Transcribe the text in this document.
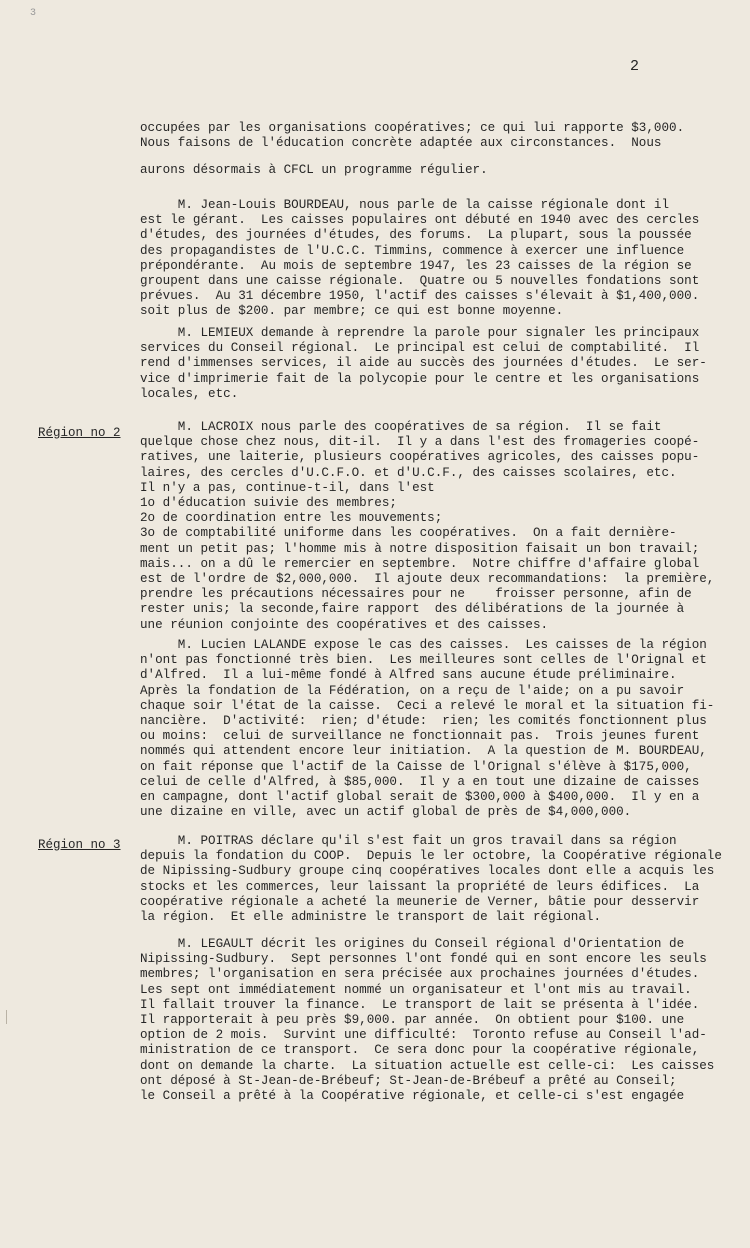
3
2
Région no 2
Région no 3
occupées par les organisations coopératives; ce qui lui rapporte $3,000.
Nous faisons de l'éducation concrète adaptée aux circonstances.  Nous
aurons désormais à CFCL un programme régulier.
M. Jean-Louis BOURDEAU, nous parle de la caisse régionale dont il
est le gérant.  Les caisses populaires ont débuté en 1940 avec des cercles
d'études, des journées d'études, des forums.  La plupart, sous la poussée
des propagandistes de l'U.C.C. Timmins, commence à exercer une influence
prépondérante.  Au mois de septembre 1947, les 23 caisses de la région se
groupent dans une caisse régionale.  Quatre ou 5 nouvelles fondations sont
prévues.  Au 31 décembre 1950, l'actif des caisses s'élevait à $1,400,000.
soit plus de $200. par membre; ce qui est bonne moyenne.
M. LEMIEUX demande à reprendre la parole pour signaler les principaux
services du Conseil régional.  Le principal est celui de comptabilité.  Il
rend d'immenses services, il aide au succès des journées d'études.  Le ser-
vice d'imprimerie fait de la polycopie pour le centre et les organisations
locales, etc.
M. LACROIX nous parle des coopératives de sa région.  Il se fait
quelque chose chez nous, dit-il.  Il y a dans l'est des fromageries coopé-
ratives, une laiterie, plusieurs coopératives agricoles, des caisses popu-
laires, des cercles d'U.C.F.O. et d'U.C.F., des caisses scolaires, etc.
Il n'y a pas, continue-t-il, dans l'est
1o d'éducation suivie des membres;
2o de coordination entre les mouvements;
3o de comptabilité uniforme dans les coopératives.  On a fait dernière-
ment un petit pas; l'homme mis à notre disposition faisait un bon travail;
mais... on a dû le remercier en septembre.  Notre chiffre d'affaire global
est de l'ordre de $2,000,000.  Il ajoute deux recommandations:  la première,
prendre les précautions nécessaires pour ne    froisser personne, afin de
rester unis; la seconde,faire rapport  des délibérations de la journée à
une réunion conjointe des coopératives et des caisses.
M. Lucien LALANDE expose le cas des caisses.  Les caisses de la région
n'ont pas fonctionné très bien.  Les meilleures sont celles de l'Orignal et
d'Alfred.  Il a lui-même fondé à Alfred sans aucune étude préliminaire.
Après la fondation de la Fédération, on a reçu de l'aide; on a pu savoir
chaque soir l'état de la caisse.  Ceci a relevé le moral et la situation fi-
nancière.  D'activité:  rien; d'étude:  rien; les comités fonctionnent plus
ou moins:  celui de surveillance ne fonctionnait pas.  Trois jeunes furent
nommés qui attendent encore leur initiation.  A la question de M. BOURDEAU,
on fait réponse que l'actif de la Caisse de l'Orignal s'élève à $175,000,
celui de celle d'Alfred, à $85,000.  Il y a en tout une dizaine de caisses
en campagne, dont l'actif global serait de $300,000 à $400,000.  Il y en a
une dizaine en ville, avec un actif global de près de $4,000,000.
M. POITRAS déclare qu'il s'est fait un gros travail dans sa région
depuis la fondation du COOP.  Depuis le ler octobre, la Coopérative régionale
de Nipissing-Sudbury groupe cinq coopératives locales dont elle a acquis les
stocks et les commerces, leur laissant la propriété de leurs édifices.  La
coopérative régionale a acheté la meunerie de Verner, bâtie pour desservir
la région.  Et elle administre le transport de lait régional.
M. LEGAULT décrit les origines du Conseil régional d'Orientation de
Nipissing-Sudbury.  Sept personnes l'ont fondé qui en sont encore les seuls
membres; l'organisation en sera précisée aux prochaines journées d'études.
Les sept ont immédiatement nommé un organisateur et l'ont mis au travail.
Il fallait trouver la finance.  Le transport de lait se présenta à l'idée.
Il rapporterait à peu près $9,000. par année.  On obtient pour $100. une
option de 2 mois.  Survint une difficulté:  Toronto refuse au Conseil l'ad-
ministration de ce transport.  Ce sera donc pour la coopérative régionale,
dont on demande la charte.  La situation actuelle est celle-ci:  Les caisses
ont déposé à St-Jean-de-Brébeuf; St-Jean-de-Brébeuf a prêté au Conseil;
le Conseil a prêté à la Coopérative régionale, et celle-ci s'est engagée
